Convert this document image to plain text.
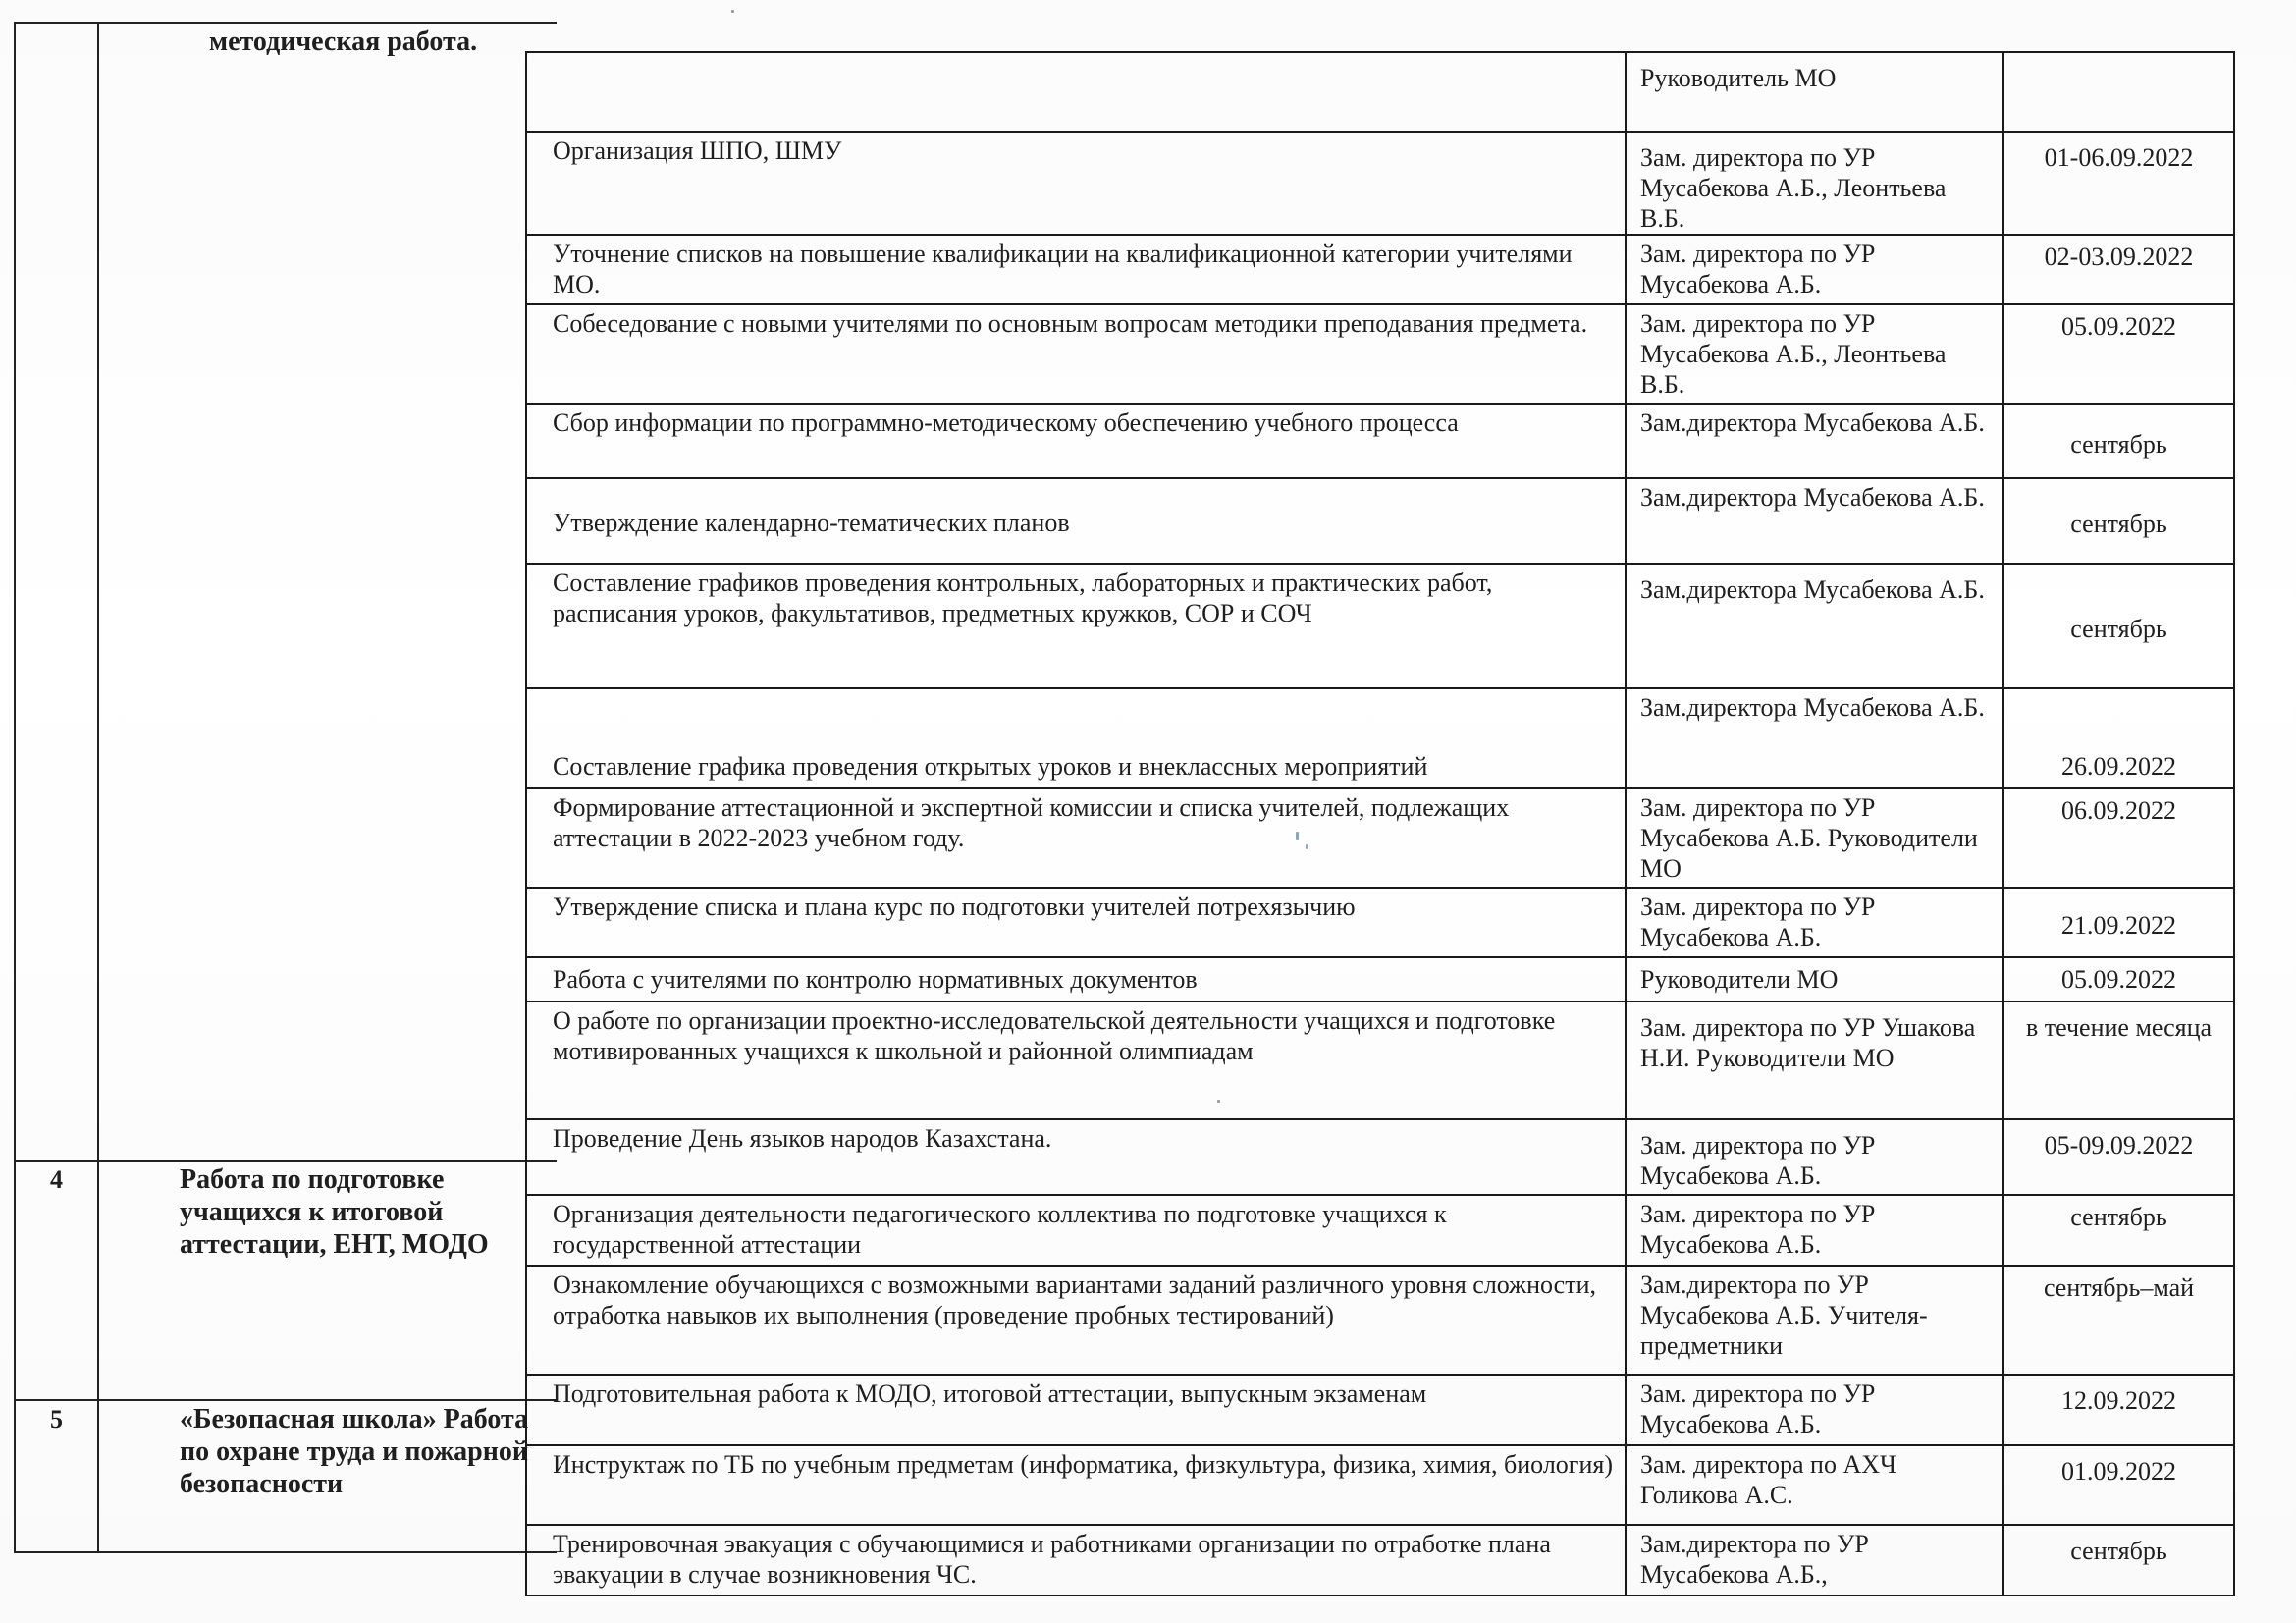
	методическая работа.
4	Работа по подготовке учащихся к итоговой аттестации, ЕНТ, МОДО
5	«Безопасная школа» Работа по охране труда и пожарной безопасности
	Руководитель МО	
Организация ШПО, ШМУ	Зам. директора по УР Мусабекова А.Б., Леонтьева В.Б.	01-06.09.2022
Уточнение списков на повышение квалификации на квалификационной категории учителями МО.	Зам. директора по УР Мусабекова А.Б.	02-03.09.2022
Собеседование с новыми учителями по основным вопросам методики преподавания предмета.	Зам. директора по УР Мусабекова А.Б., Леонтьева В.Б.	05.09.2022
Сбор информации по программно-методическому обеспечению учебного процесса	Зам.директора Мусабекова А.Б.	сентябрь
Утверждение календарно-тематических планов	Зам.директора Мусабекова А.Б.	сентябрь
Составление графиков проведения контрольных, лабораторных и практических работ, расписания уроков, факультативов, предметных кружков, СОР и СОЧ	Зам.директора Мусабекова А.Б.	сентябрь
Составление графика проведения открытых уроков и внеклассных мероприятий	Зам.директора Мусабекова А.Б.	26.09.2022
Формирование аттестационной и экспертной комиссии и списка учителей, подлежащих аттестации в 2022-2023 учебном году.	Зам. директора по УР Мусабекова А.Б. Руководители МО	06.09.2022
Утверждение списка и плана курс по подготовки учителей потрехязычию	Зам. директора по УР Мусабекова А.Б.	21.09.2022
Работа с учителями по контролю нормативных документов	Руководители МО	05.09.2022
О работе по организации проектно-исследовательской деятельности учащихся и подготовке мотивированных учащихся к школьной и районной олимпиадам	Зам. директора по УР Ушакова Н.И. Руководители МО	в течение месяца
Проведение День языков народов Казахстана.	Зам. директора по УР Мусабекова А.Б.	05-09.09.2022
Организация деятельности педагогического коллектива по подготовке учащихся к государственной аттестации	Зам. директора по УР Мусабекова А.Б.	сентябрь
Ознакомление обучающихся с возможными вариантами заданий различного уровня сложности, отработка навыков их выполнения (проведение пробных тестирований)	Зам.директора по УР Мусабекова А.Б. Учителя-предметники	сентябрь–май
Подготовительная работа к МОДО, итоговой аттестации, выпускным экзаменам	Зам. директора по УР Мусабекова А.Б.	12.09.2022
Инструктаж по ТБ по учебным предметам (информатика, физкультура, физика, химия, биология)	Зам. директора по АХЧ Голикова А.С.	01.09.2022
Тренировочная эвакуация с обучающимися и работниками организации по отработке плана эвакуации в случае возникновения ЧС.	Зам.директора по УР Мусабекова А.Б.,	сентябрь
